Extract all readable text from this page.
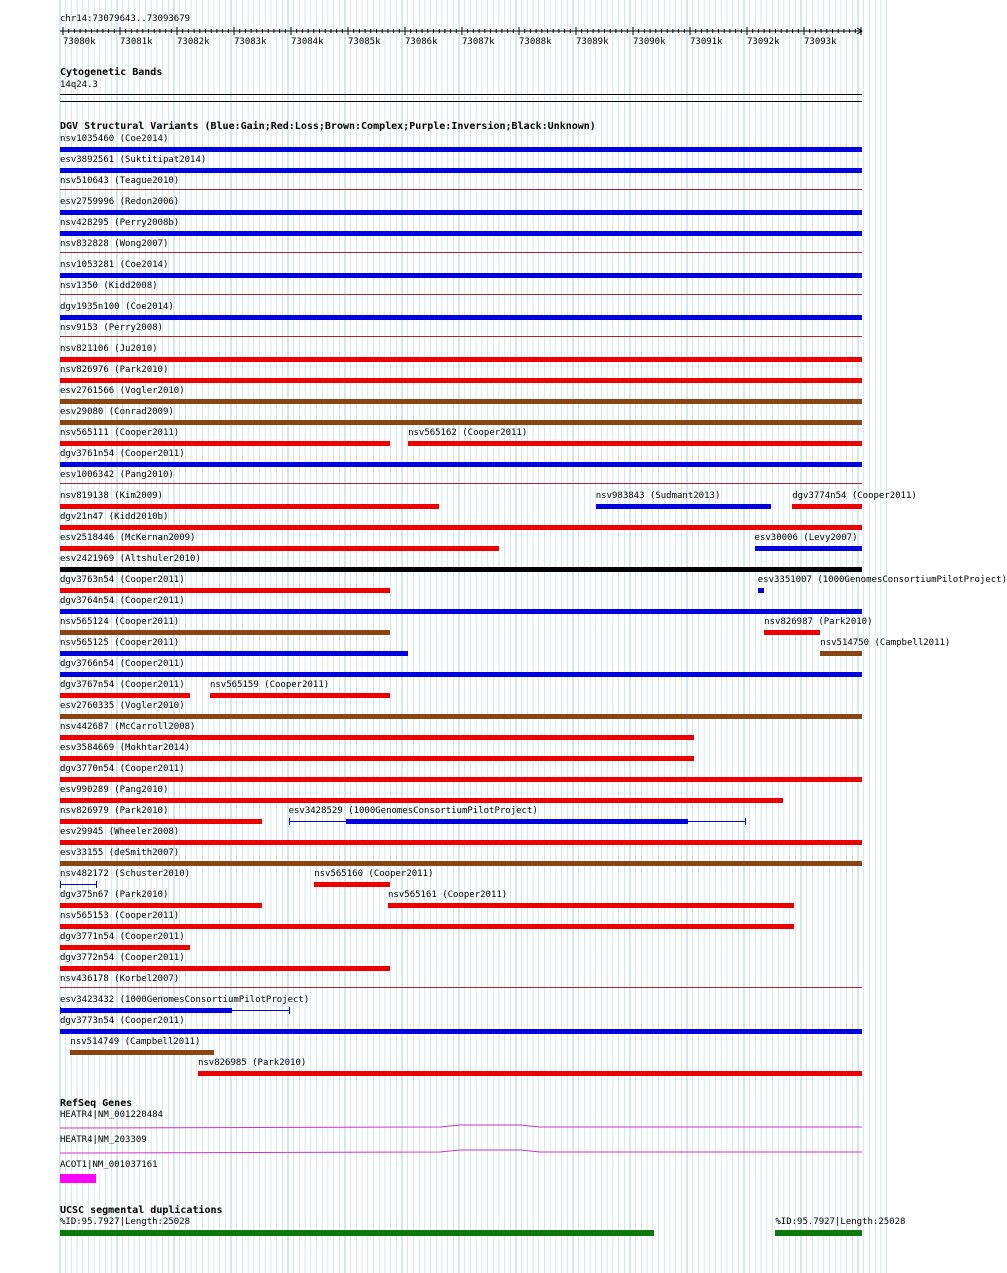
chr14:73079643..73093679
73080k	73081k	73082k	73083k	73084k	73085k	73086k	73087k	73088k	73089k	73090k	73091k	73092k	73093k
Cytogenetic Bands
14q24.3
DGV Structural Variants (Blue:Gain;Red:Loss;Brown:Complex;Purple:Inversion;Black:Unknown)
nsv1035460 (Coe2014)
esv3892561 (Suktitipat2014)
nsv510643 (Teague2010)
esv2759996 (Redon2006)
nsv428295 (Perry2008b)
nsv832828 (Wong2007)
nsv1053281 (Coe2014)
nsv1350 (Kidd2008)
dgv1935n100 (Coe2014)
nsv9153 (Perry2008)
nsv821106 (Ju2010)
nsv826976 (Park2010)
esv2761566 (Vogler2010)
esv29080 (Conrad2009)
nsv565111 (Cooper2011)	nsv565162 (Cooper2011)
dgv3761n54 (Cooper2011)
esv1006342 (Pang2010)
nsv819138 (Kim2009)	nsv983843 (Sudmant2013)	dgv3774n54 (Cooper2011)
dgv21n47 (Kidd2010b)
esv2518446 (McKernan2009)	esv30006 (Levy2007)
esv2421969 (Altshuler2010)
dgv3763n54 (Cooper2011)	esv3351007 (1000GenomesConsortiumPilotProject)
dgv3764n54 (Cooper2011)
nsv565124 (Cooper2011)	nsv826987 (Park2010)
nsv565125 (Cooper2011)	nsv514750 (Campbell2011)
dgv3766n54 (Cooper2011)
dgv3767n54 (Cooper2011)	nsv565159 (Cooper2011)
esv2760335 (Vogler2010)
nsv442687 (McCarroll2008)
esv3584669 (Mokhtar2014)
dgv3770n54 (Cooper2011)
esv990289 (Pang2010)
nsv826979 (Park2010)	esv3428529 (1000GenomesConsortiumPilotProject)
esv29945 (Wheeler2008)
esv33155 (deSmith2007)
nsv482172 (Schuster2010)	nsv565160 (Cooper2011)
dgv375n67 (Park2010)	nsv565161 (Cooper2011)
nsv565153 (Cooper2011)
dgv3771n54 (Cooper2011)
dgv3772n54 (Cooper2011)
nsv436178 (Korbel2007)
esv3423432 (1000GenomesConsortiumPilotProject)
dgv3773n54 (Cooper2011)
nsv514749 (Campbell2011)
nsv826985 (Park2010)
RefSeq Genes
HEATR4|NM_001220484
HEATR4|NM_203309
ACOT1|NM_001037161
UCSC segmental duplications
%ID:95.7927|Length:25028	%ID:95.7927|Length:25028
